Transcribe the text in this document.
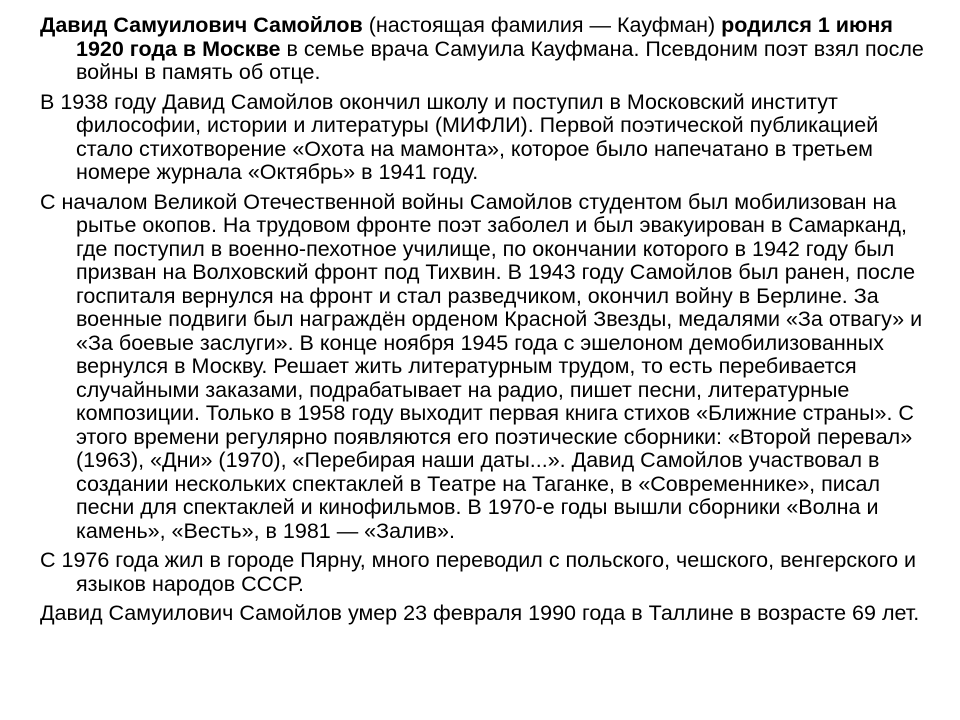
Давид Самуилович Самойлов (настоящая фамилия — Кауфман) родился 1 июня 1920 года в Москве в семье врача Самуила Кауфмана. Псевдоним поэт взял после войны в память об отце.

В 1938 году Давид Самойлов окончил школу и поступил в Московский институт философии, истории и литературы (МИФЛИ). Первой поэтической публикацией стало стихотворение «Охота на мамонта», которое было напечатано в третьем номере журнала «Октябрь» в 1941 году.

С началом Великой Отечественной войны Самойлов студентом был мобилизован на рытье окопов. На трудовом фронте поэт заболел и был эвакуирован в Самарканд, где поступил в военно-пехотное училище, по окончании которого в 1942 году был призван на Волховский фронт под Тихвин. В 1943 году Самойлов был ранен, после госпиталя вернулся на фронт и стал разведчиком, окончил войну в Берлине. За военные подвиги был награждён орденом Красной Звезды, медалями «За отвагу» и «За боевые заслуги». В конце ноября 1945 года с эшелоном демобилизованных вернулся в Москву. Решает жить литературным трудом, то есть перебивается случайными заказами, подрабатывает на радио, пишет песни, литературные композиции. Только в 1958 году выходит первая книга стихов «Ближние страны». С этого времени регулярно появляются его поэтические сборники: «Второй перевал» (1963), «Дни» (1970), «Перебирая наши даты...». Давид Самойлов участвовал в создании нескольких спектаклей в Театре на Таганке, в «Современнике», писал песни для спектаклей и кинофильмов. В 1970-е годы вышли сборники «Волна и камень», «Весть», в 1981 — «Залив».

С 1976 года жил в городе Пярну, много переводил с польского, чешского, венгерского и языков народов СССР.

Давид Самуилович Самойлов умер 23 февраля 1990 года в Таллине в возрасте 69 лет.
